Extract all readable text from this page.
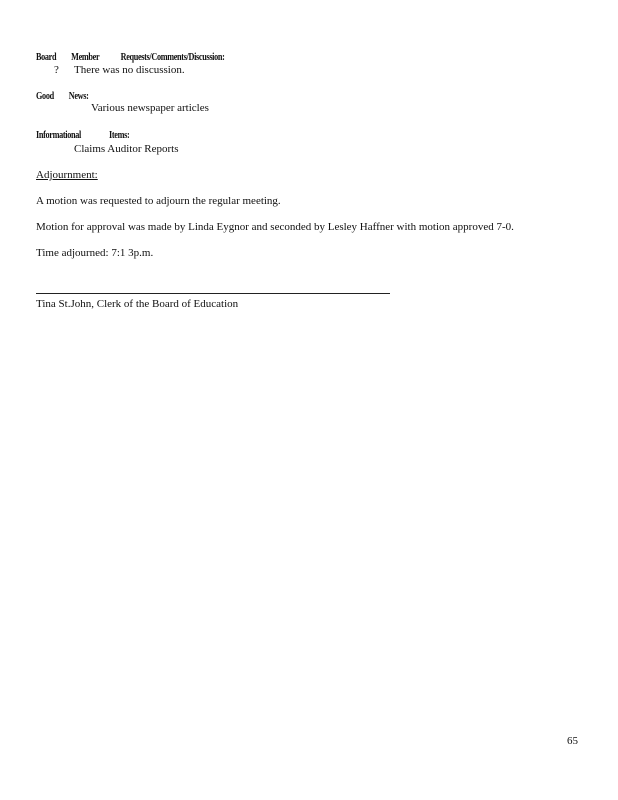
Board Member Requests/Comments/Discussion:
? There was no discussion.
Good News:
Various newspaper articles
Informational	Items:
Claims Auditor Reports
Adjournment:
A motion was requested to adjourn the regular meeting.
Motion for approval was made by Linda Eygnor and seconded by Lesley Haffner with motion approved 7-0.
Time adjourned: 7:1 3p.m.
Tina St.John, Clerk of the Board of Education
65
